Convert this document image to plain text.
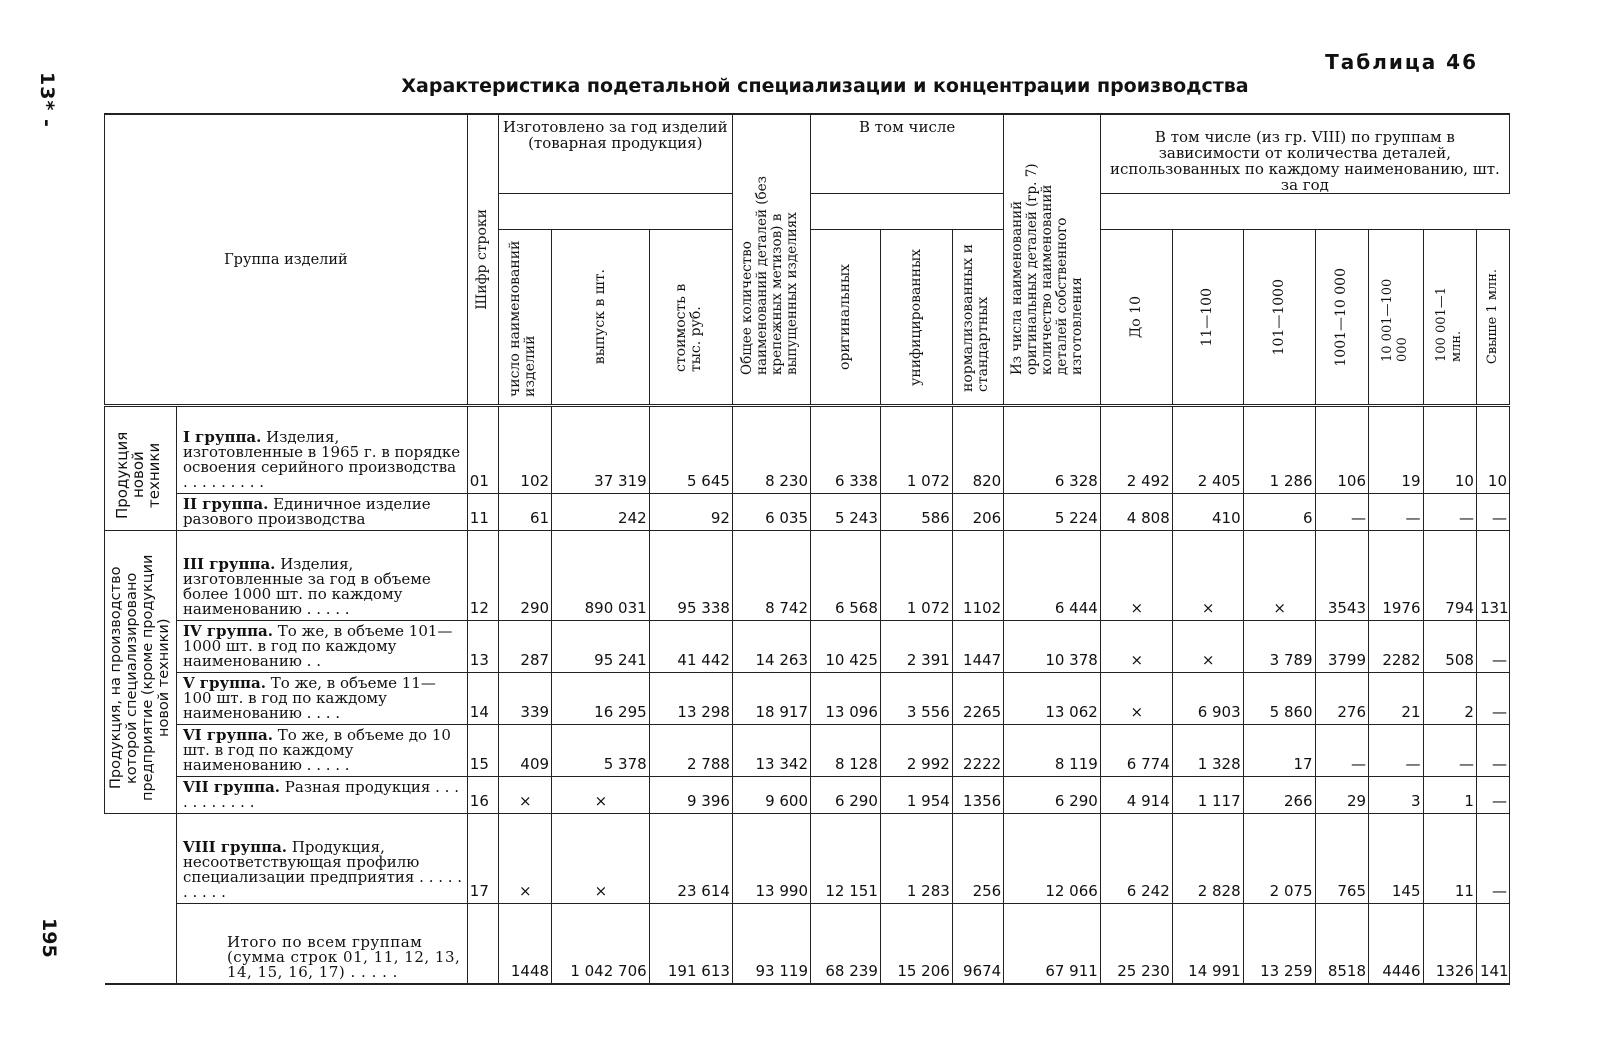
13* -
195
Таблица 46
Характеристика подетальной специализации и концентрации производства
Группа изделий		Шифр строки	Изготовлено за год изделий (товарная продукция)			Общее количество наименований деталей (без крепежных метизов) в выпущенных изделиях	В том числе			Из числа наименований оригинальных деталей (гр. 7) количество наименований деталей собственного изготовления	В том числе (из гр. VIII) по группам в зависимости от количества деталей, использованных по каждому наименованию, шт. за год						

			число наименований изделий	выпуск в шт.	стоимость в тыс. руб.		оригинальных	унифицированных	нормализованных и стандартных		До 10	11—100	101—1000	1001—10 000	10 001—100 000	100 001—1 млн.	Свыше 1 млн.

Продукция новой техники	I группа. Изделия, изготовленные в 1965 г. в порядке освоения серийного производства . . . . . . . . .	01	102	37 319	5 645	8 230	6 338	1 072	820	6 328	2 492	2 405	1 286	106	19	10	10
	II группа. Единичное изделие разового производства	11	61	242	92	6 035	5 243	586	206	5 224	4 808	410	6	—	—	—	—

Продукция, на производство которой специализировано предприятие (кроме продукции новой техники)	III группа. Изделия, изготовленные за год в объеме более 1000 шт. по каждому наименованию . . . . .	12	290	890 031	95 338	8 742	6 568	1 072	1102	6 444	×	×	×	3543	1976	794	131
	IV группа. То же, в объеме 101—1000 шт. в год по каждому наименованию . .	13	287	95 241	41 442	14 263	10 425	2 391	1447	10 378	×	×	3 789	3799	2282	508	—
	V группа. То же, в объеме 11—100 шт. в год по каждому наименованию . . . .	14	339	16 295	13 298	18 917	13 096	3 556	2265	13 062	×	6 903	5 860	276	21	2	—
	VI группа. То же, в объеме до 10 шт. в год по каждому наименованию . . . . .	15	409	5 378	2 788	13 342	8 128	2 992	2222	8 119	6 774	1 328	17	—	—	—	—
	VII группа. Разная продукция . . . . . . . . . . .	16	×	×	9 396	9 600	6 290	1 954	1356	6 290	4 914	1 117	266	29	3	1	—
	VIII группа. Продукция, несоответствующая профилю специализации предприятия . . . . . . . . . .	17	×	×	23 614	13 990	12 151	1 283	256	12 066	6 242	2 828	2 075	765	145	11	—
	Итого по всем группам (сумма строк 01, 11, 12, 13, 14, 15, 16, 17) . . . . .		1448	1 042 706	191 613	93 119	68 239	15 206	9674	67 911	25 230	14 991	13 259	8518	4446	1326	141
